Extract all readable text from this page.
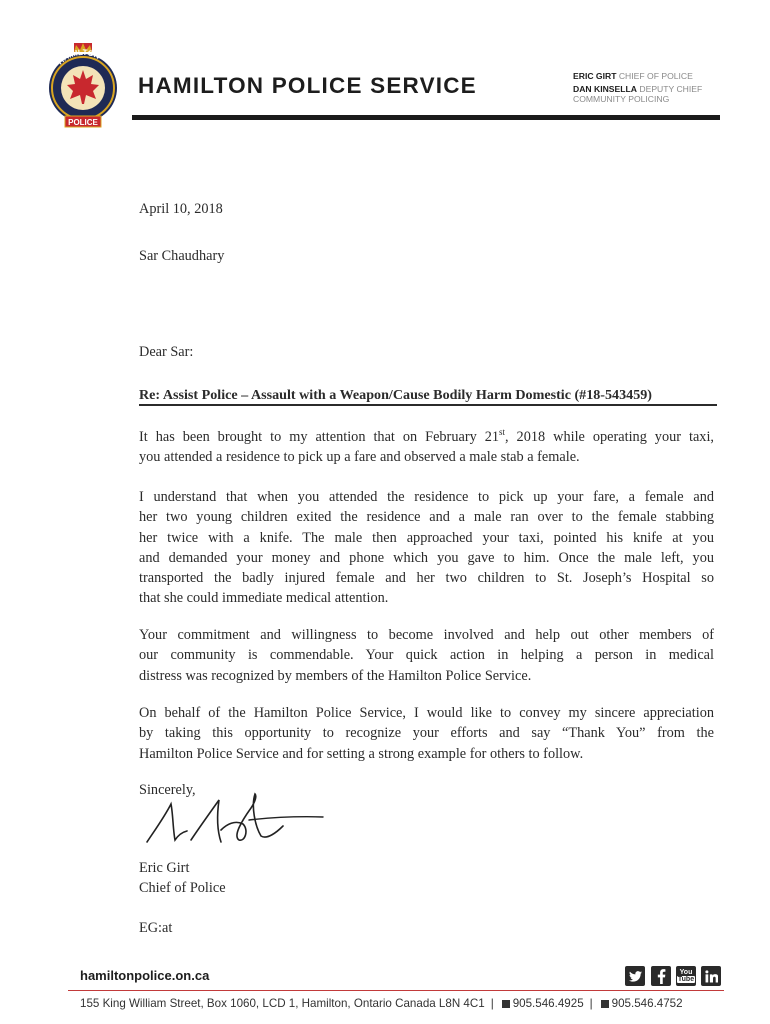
HAMILTON
POLICE
HAMILTON POLICE SERVICE	ERIC GIRT CHIEF OF POLICE
DAN KINSELLA DEPUTY CHIEF
COMMUNITY POLICING
April 10, 2018
Sar Chaudhary
Dear Sar:
Re: Assist Police – Assault with a Weapon/Cause Bodily Harm Domestic (#18-543459)
It has been brought to my attention that on February 21st, 2018 while operating your taxi,
you attended a residence to pick up a fare and observed a male stab a female.
I understand that when you attended the residence to pick up your fare, a female and
her two young children exited the residence and a male ran over to the female stabbing
her twice with a knife. The male then approached your taxi, pointed his knife at you
and demanded your money and phone which you gave to him. Once the male left, you
transported the badly injured female and her two children to St. Joseph’s Hospital so
that she could immediate medical attention.
Your commitment and willingness to become involved and help out other members of
our community is commendable. Your quick action in helping a person in medical
distress was recognized by members of the Hamilton Police Service.
On behalf of the Hamilton Police Service, I would like to convey my sincere appreciation
by taking this opportunity to recognize your efforts and say “Thank You” from the
Hamilton Police Service and for setting a strong example for others to follow.
Sincerely,
Eric Girt
Chief of Police
EG:at
hamiltonpolice.on.ca	You
Tube
155 King William Street, Box 1060, LCD 1, Hamilton, Ontario Canada L8N 4C1 | 905.546.4925 | 905.546.4752
